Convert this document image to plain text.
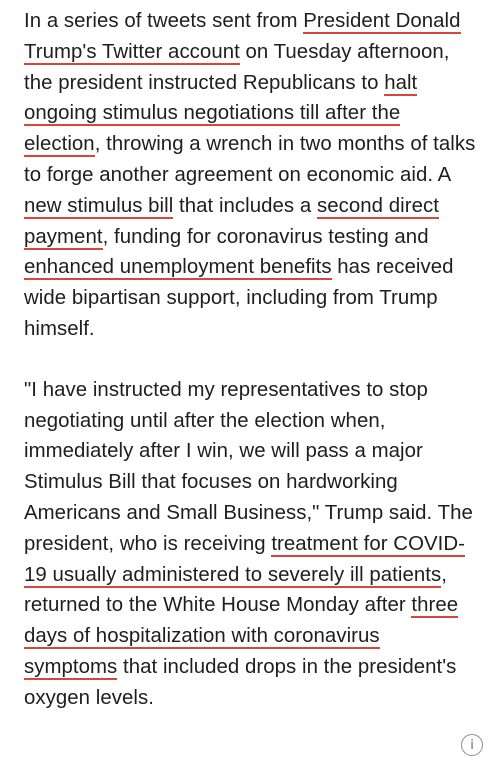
In a series of tweets sent from President Donald Trump's Twitter account on Tuesday afternoon, the president instructed Republicans to halt ongoing stimulus negotiations till after the election, throwing a wrench in two months of talks to forge another agreement on economic aid. A new stimulus bill that includes a second direct payment, funding for coronavirus testing and enhanced unemployment benefits has received wide bipartisan support, including from Trump himself.

"I have instructed my representatives to stop negotiating until after the election when, immediately after I win, we will pass a major Stimulus Bill that focuses on hardworking Americans and Small Business," Trump said. The president, who is receiving treatment for COVID-19 usually administered to severely ill patients, returned to the White House Monday after three days of hospitalization with coronavirus symptoms that included drops in the president's oxygen levels.

i
